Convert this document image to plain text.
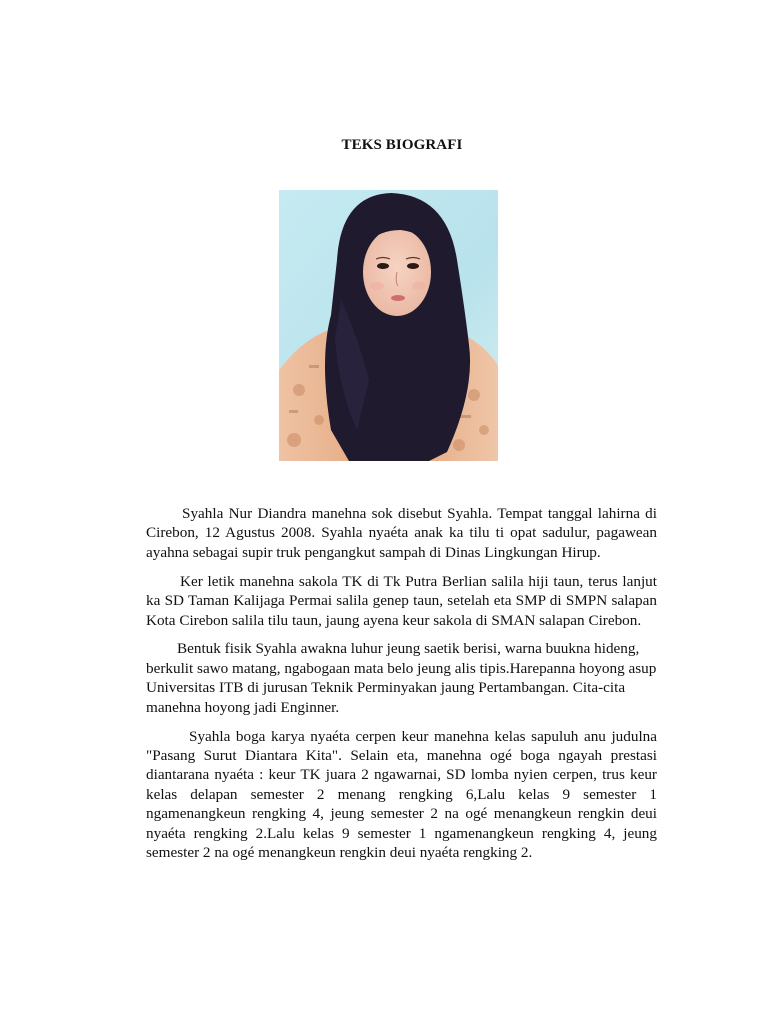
TEKS BIOGRAFI

Syahla Nur Diandra manehna sok disebut Syahla. Tempat tanggal lahirna di Cirebon, 12 Agustus 2008. Syahla nyaéta anak ka tilu ti opat sadulur, pagawean ayahna sebagai supir truk pengangkut sampah di Dinas Lingkungan Hirup.

Ker letik manehna sakola TK di Tk Putra Berlian salila hiji taun, terus lanjut ka SD Taman Kalijaga Permai salila genep taun, setelah eta SMP di SMPN salapan Kota Cirebon salila tilu taun, jaung ayena keur sakola di SMAN salapan Cirebon.

Bentuk fisik Syahla awakna luhur jeung saetik berisi, warna buukna hideng, berkulit sawo matang, ngabogaan mata belo jeung alis tipis.Harepanna hoyong asup Universitas ITB di jurusan Teknik Perminyakan jaung Pertambangan. Cita-cita manehna hoyong jadi Enginner.

Syahla boga karya nyaéta cerpen keur manehna kelas sapuluh anu judulna "Pasang Surut Diantara Kita". Selain eta, manehna ogé boga ngayah prestasi diantarana nyaéta : keur TK juara 2 ngawarnai, SD lomba nyien cerpen, trus keur kelas delapan semester 2 menang rengking 6,Lalu kelas 9 semester 1 ngamenangkeun rengking 4, jeung semester 2 na ogé menangkeun rengkin deui nyaéta rengking 2.Lalu kelas 9 semester 1 ngamenangkeun rengking 4, jeung semester 2 na ogé menangkeun rengkin deui nyaéta rengking 2.
